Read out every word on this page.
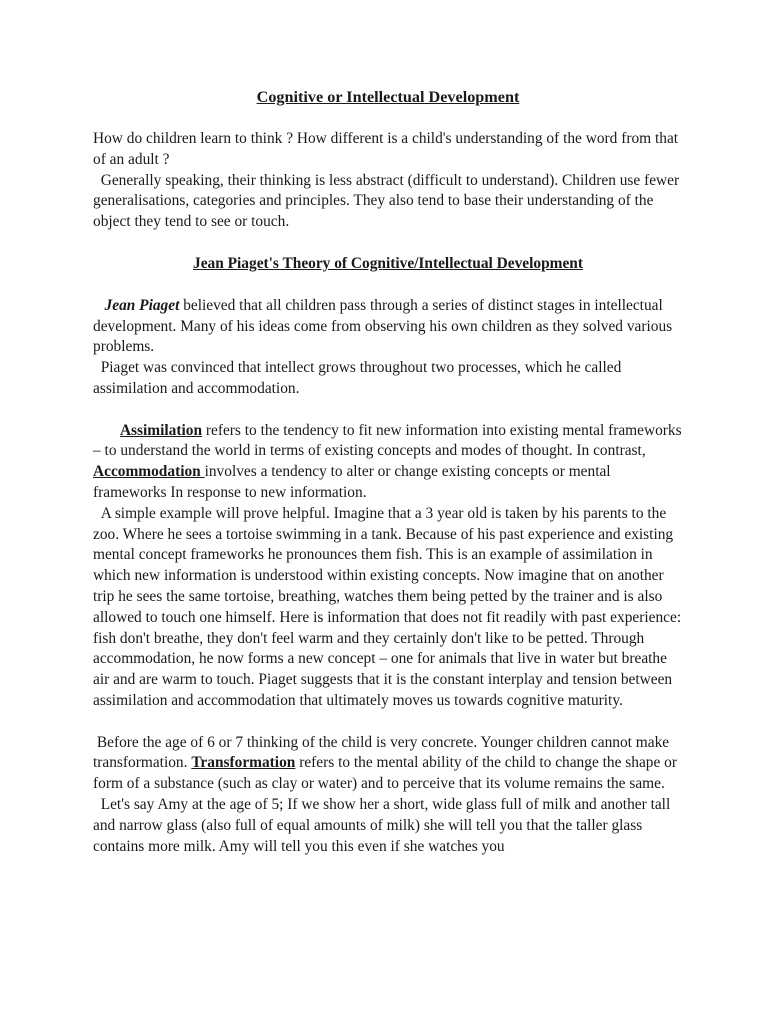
Cognitive or Intellectual Development

How do children learn to think ? How different is a child's understanding of the word from that of an adult ?

Generally speaking, their thinking is less abstract (difficult to understand). Children use fewer generalisations, categories and principles. They also tend to base their understanding of the object they tend to see or touch.

Jean Piaget's Theory of Cognitive/Intellectual Development

Jean Piaget believed that all children pass through a series of distinct stages in intellectual development. Many of his ideas come from observing his own children as they solved various problems.

Piaget was convinced that intellect grows throughout two processes, which he called assimilation and accommodation.

Assimilation refers to the tendency to fit new information into existing mental frameworks – to understand the world in terms of existing concepts and modes of thought. In contrast, Accommodation involves a tendency to alter or change existing concepts or mental frameworks In response to new information.

A simple example will prove helpful. Imagine that a 3 year old is taken by his parents to the zoo. Where he sees a tortoise swimming in a tank. Because of his past experience and existing mental concept frameworks he pronounces them fish. This is an example of assimilation in which new information is understood within existing concepts. Now imagine that on another trip he sees the same tortoise, breathing, watches them being petted by the trainer and is also allowed to touch one himself. Here is information that does not fit readily with past experience: fish don't breathe, they don't feel warm and they certainly don't like to be petted. Through accommodation, he now forms a new concept – one for animals that live in water but breathe air and are warm to touch. Piaget suggests that it is the constant interplay and tension between assimilation and accommodation that ultimately moves us towards cognitive maturity.

Before the age of 6 or 7 thinking of the child is very concrete. Younger children cannot make transformation. Transformation refers to the mental ability of the child to change the shape or form of a substance (such as clay or water) and to perceive that its volume remains the same.

Let's say Amy at the age of 5; If we show her a short, wide glass full of milk and another tall and narrow glass (also full of equal amounts of milk) she will tell you that the taller glass contains more milk. Amy will tell you this even if she watches you
